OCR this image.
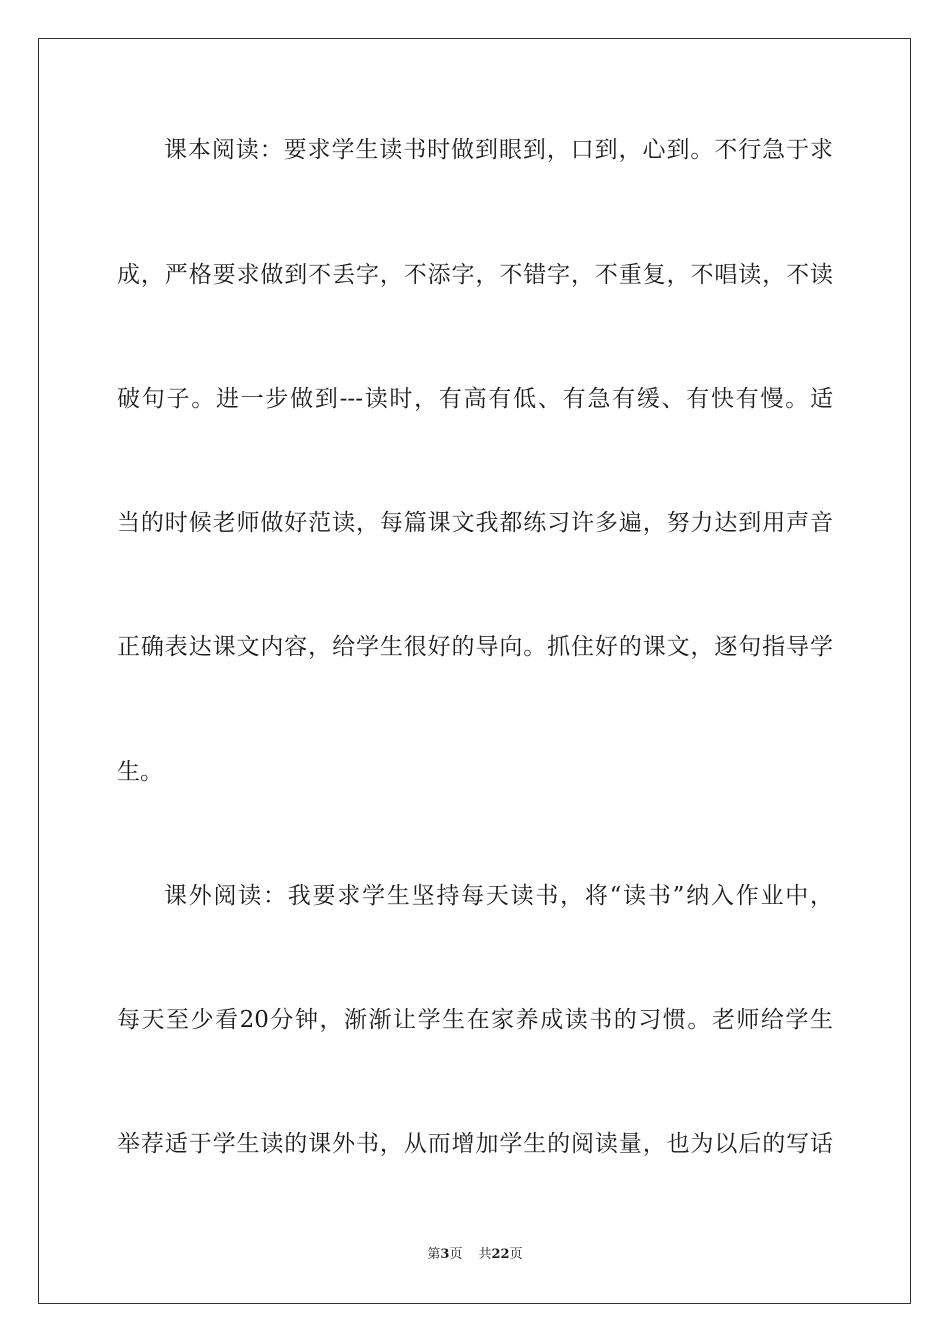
课本阅读：要求学生读书时做到眼到，口到，心到。不行急于求
成，严格要求做到不丢字，不添字，不错字，不重复，不唱读，不读
破句子。进一步做到---读时，有高有低、有急有缓、有快有慢。适
当的时候老师做好范读，每篇课文我都练习许多遍，努力达到用声音
正确表达课文内容，给学生很好的导向。抓住好的课文，逐句指导学
生。
课外阅读：我要求学生坚持每天读书，将“读书”纳入作业中，
每天至少看20分钟，渐渐让学生在家养成读书的习惯。老师给学生
举荐适于学生读的课外书，从而增加学生的阅读量，也为以后的写话
第3页 共22页
